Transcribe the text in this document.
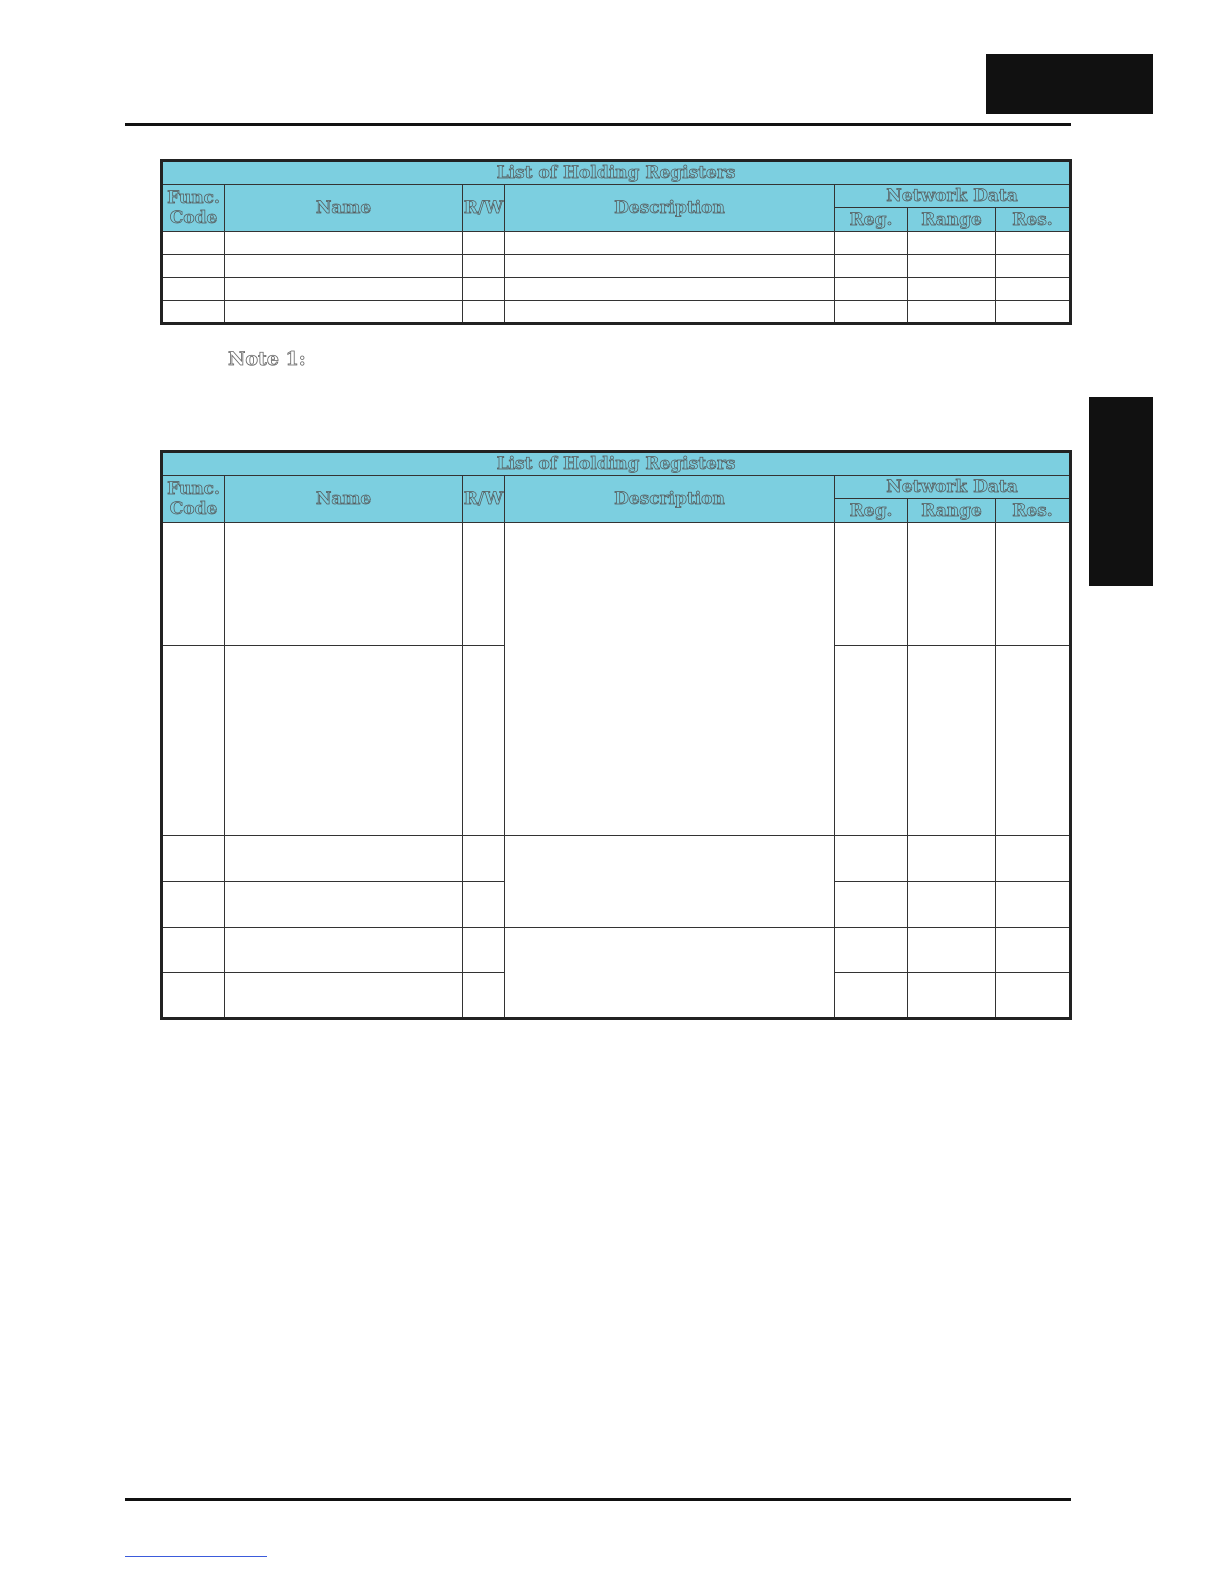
List of Holding Registers						
Func. Code	Name	R/W	Description	Network Data		
				Reg.	Range	Res.

Note 1:
List of Holding Registers						
Func. Code	Name	R/W	Description	Network Data		
				Reg.	Range	Res.
